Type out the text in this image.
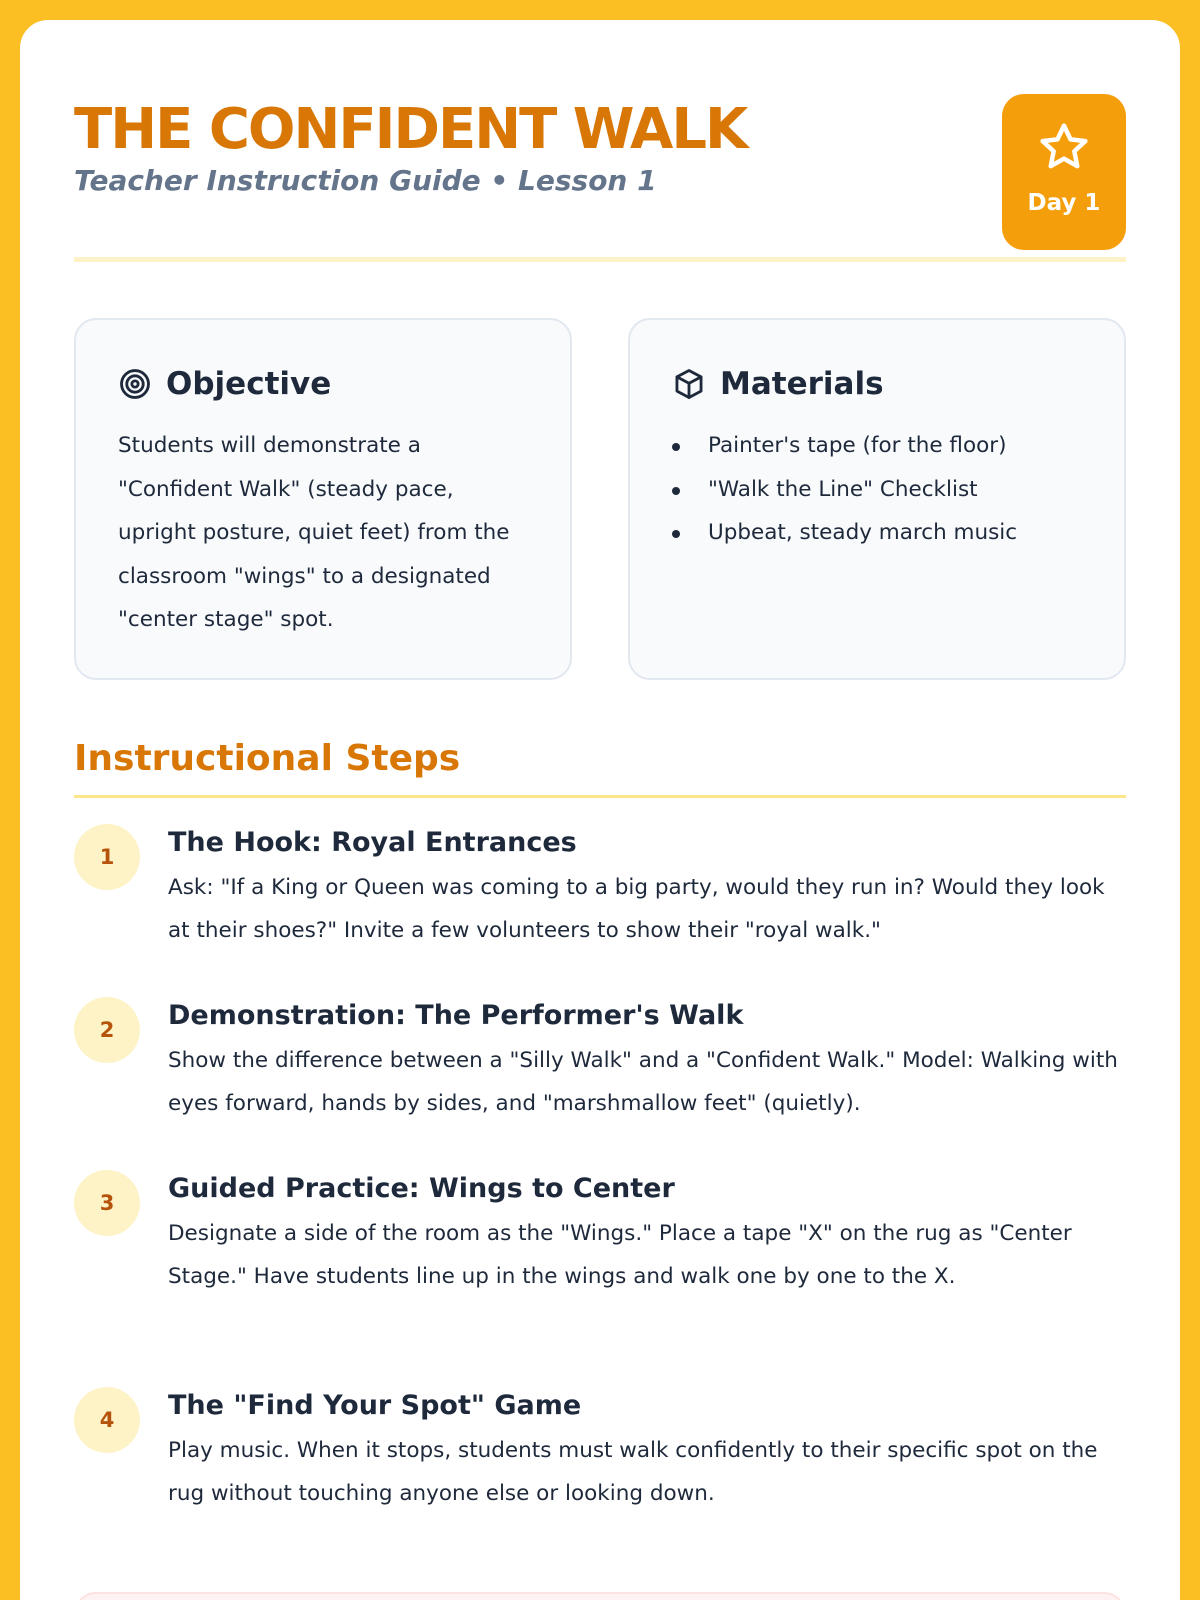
THE CONFIDENT WALK
Teacher Instruction Guide • Lesson 1
Day 1
Objective

Students will demonstrate a "Confident Walk" (steady pace, upright posture, quiet feet) from the classroom "wings" to a designated "center stage" spot.

Materials
Painter's tape (for the floor)
"Walk the Line" Checklist
Upbeat, steady march music
Instructional Steps
1	The Hook: Royal Entrances

Ask: "If a King or Queen was coming to a big party, would they run in? Would they look at their shoes?" Invite a few volunteers to show their "royal walk."

2	Demonstration: The Performer's Walk

Show the difference between a "Silly Walk" and a "Confident Walk." Model: Walking with eyes forward, hands by sides, and "marshmallow feet" (quietly).

3	Guided Practice: Wings to Center

Designate a side of the room as the "Wings." Place a tape "X" on the rug as "Center Stage." Have students line up in the wings and walk one by one to the X.

4	The "Find Your Spot" Game

Play music. When it stops, students must walk confidently to their specific spot on the rug without touching anyone else or looking down.
